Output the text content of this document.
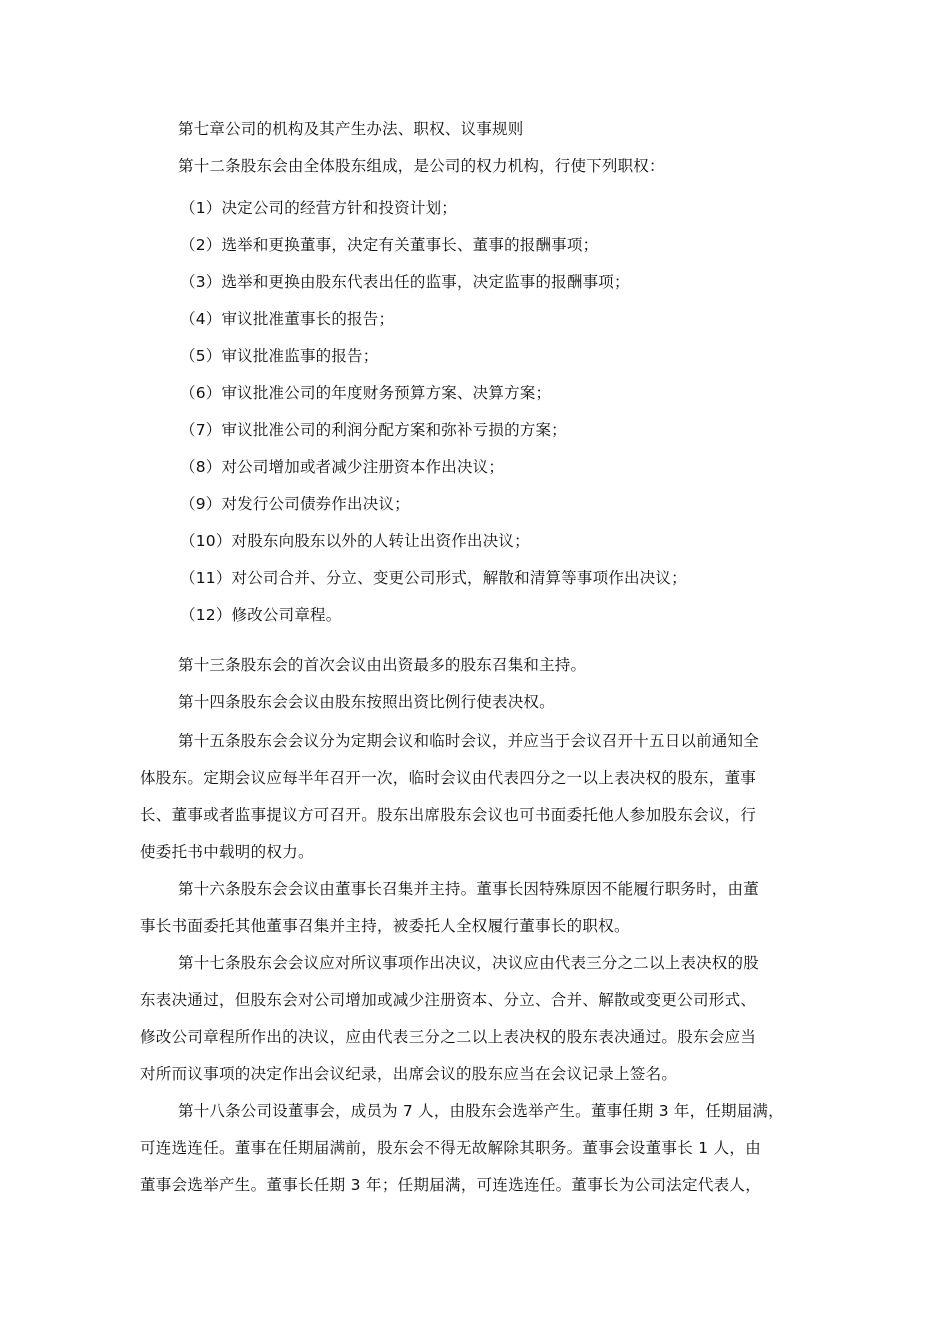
第七章公司的机构及其产生办法、职权、议事规则
第十二条股东会由全体股东组成，是公司的权力机构，行使下列职权：
（1）决定公司的经营方针和投资计划；
（2）选举和更换董事，决定有关董事长、董事的报酬事项；
（3）选举和更换由股东代表出任的监事，决定监事的报酬事项；
（4）审议批准董事长的报告；
（5）审议批准监事的报告；
（6）审议批准公司的年度财务预算方案、决算方案；
（7）审议批准公司的利润分配方案和弥补亏损的方案；
（8）对公司增加或者减少注册资本作出决议；
（9）对发行公司债券作出决议；
（10）对股东向股东以外的人转让出资作出决议；
（11）对公司合并、分立、变更公司形式，解散和清算等事项作出决议；
（12）修改公司章程。
第十三条股东会的首次会议由出资最多的股东召集和主持。
第十四条股东会会议由股东按照出资比例行使表决权。
第十五条股东会会议分为定期会议和临时会议，并应当于会议召开十五日以前通知全
体股东。定期会议应每半年召开一次，临时会议由代表四分之一以上表决权的股东，董事
长、董事或者监事提议方可召开。股东出席股东会议也可书面委托他人参加股东会议，行
使委托书中载明的权力。
第十六条股东会会议由董事长召集并主持。董事长因特殊原因不能履行职务时，由董
事长书面委托其他董事召集并主持，被委托人全权履行董事长的职权。
第十七条股东会会议应对所议事项作出决议，决议应由代表三分之二以上表决权的股
东表决通过，但股东会对公司增加或减少注册资本、分立、合并、解散或变更公司形式、
修改公司章程所作出的决议，应由代表三分之二以上表决权的股东表决通过。股东会应当
对所而议事项的决定作出会议纪录，出席会议的股东应当在会议记录上签名。
第十八条公司设董事会，成员为 7 人，由股东会选举产生。董事任期 3 年，任期届满，
可连选连任。董事在任期届满前，股东会不得无故解除其职务。董事会设董事长 1 人，由
董事会选举产生。董事长任期 3 年；任期届满，可连选连任。董事长为公司法定代表人，
